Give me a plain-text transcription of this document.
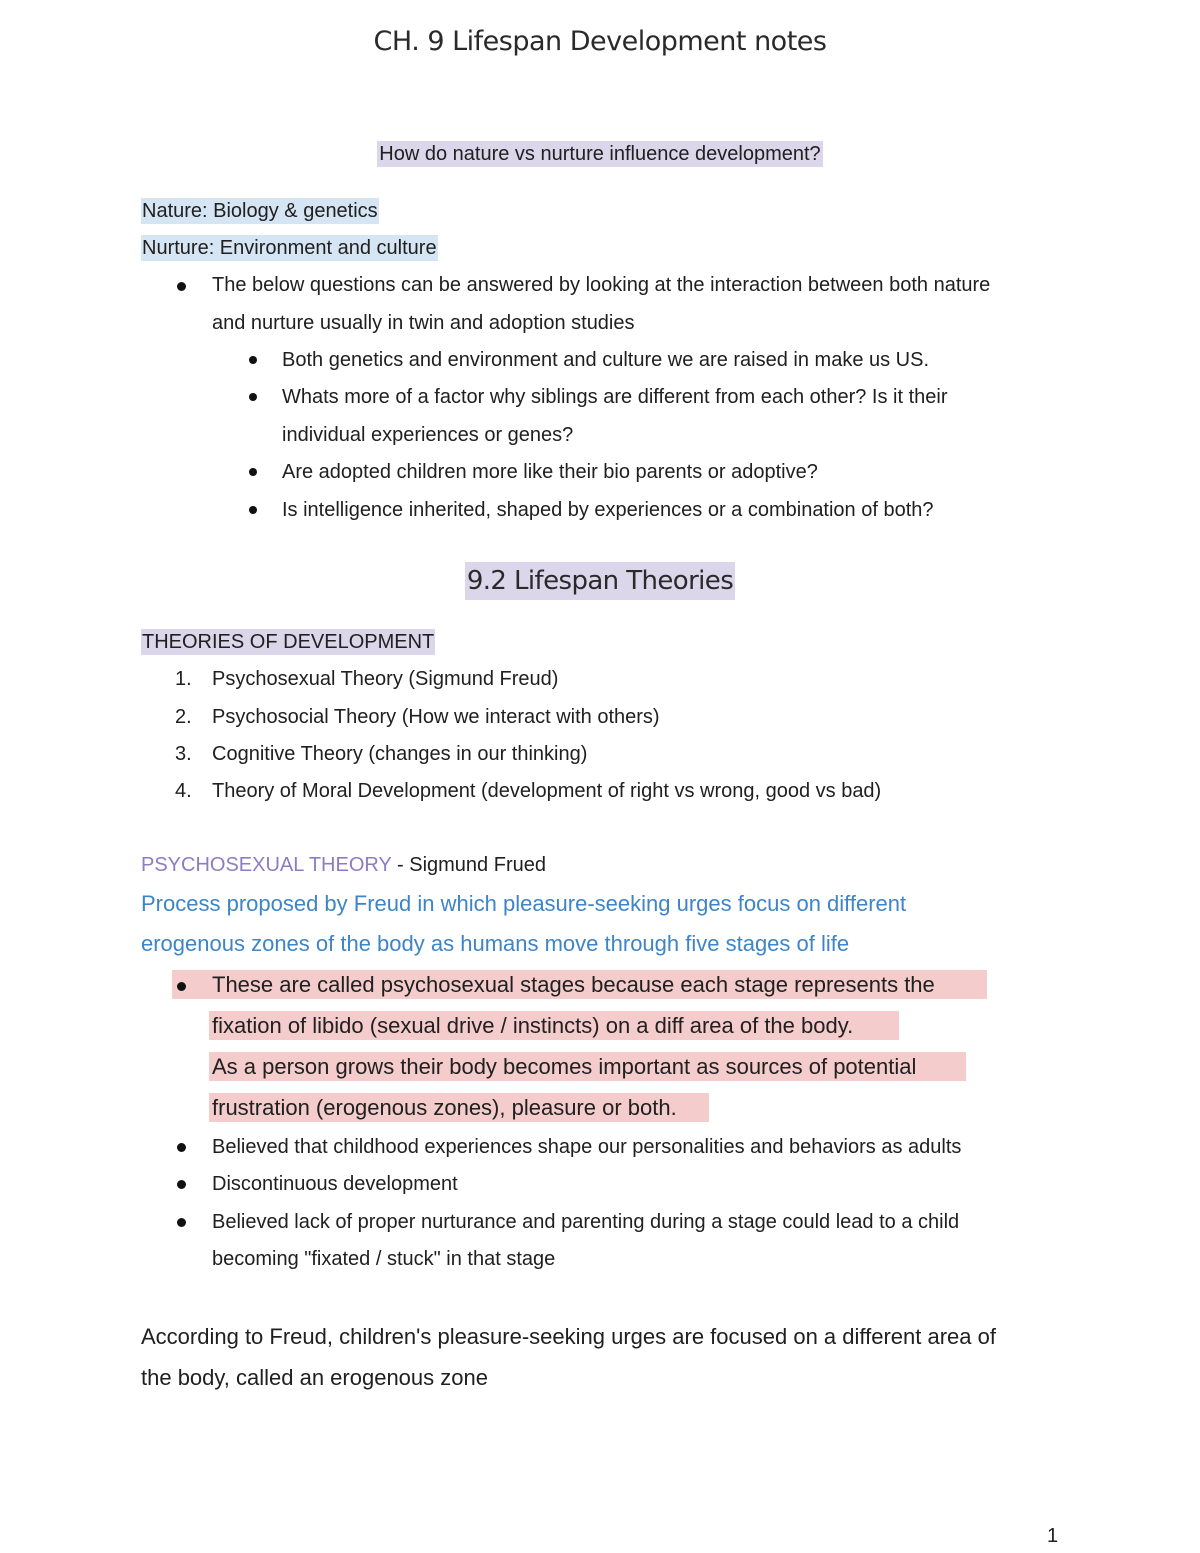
CH. 9 Lifespan Development notes
How do nature vs nurture influence development?
Nature: Biology & genetics
Nurture: Environment and culture
The below questions can be answered by looking at the interaction between both nature
and nurture usually in twin and adoption studies
Both genetics and environment and culture we are raised in make us US.
Whats more of a factor why siblings are different from each other? Is it their
individual experiences or genes?
Are adopted children more like their bio parents or adoptive?
Is intelligence inherited, shaped by experiences or a combination of both?
9.2 Lifespan Theories
THEORIES OF DEVELOPMENT
1. Psychosexual Theory (Sigmund Freud)
2. Psychosocial Theory (How we interact with others)
3. Cognitive Theory (changes in our thinking)
4. Theory of Moral Development (development of right vs wrong, good vs bad)
PSYCHOSEXUAL THEORY - Sigmund Frued
Process proposed by Freud in which pleasure-seeking urges focus on different
erogenous zones of the body as humans move through five stages of life
These are called psychosexual stages because each stage represents the
fixation of libido (sexual drive / instincts) on a diff area of the body.
As a person grows their body becomes important as sources of potential
frustration (erogenous zones), pleasure or both.
Believed that childhood experiences shape our personalities and behaviors as adults
Discontinuous development
Believed lack of proper nurturance and parenting during a stage could lead to a child
becoming "fixated / stuck" in that stage
According to Freud, children's pleasure-seeking urges are focused on a different area of
the body, called an erogenous zone
1
